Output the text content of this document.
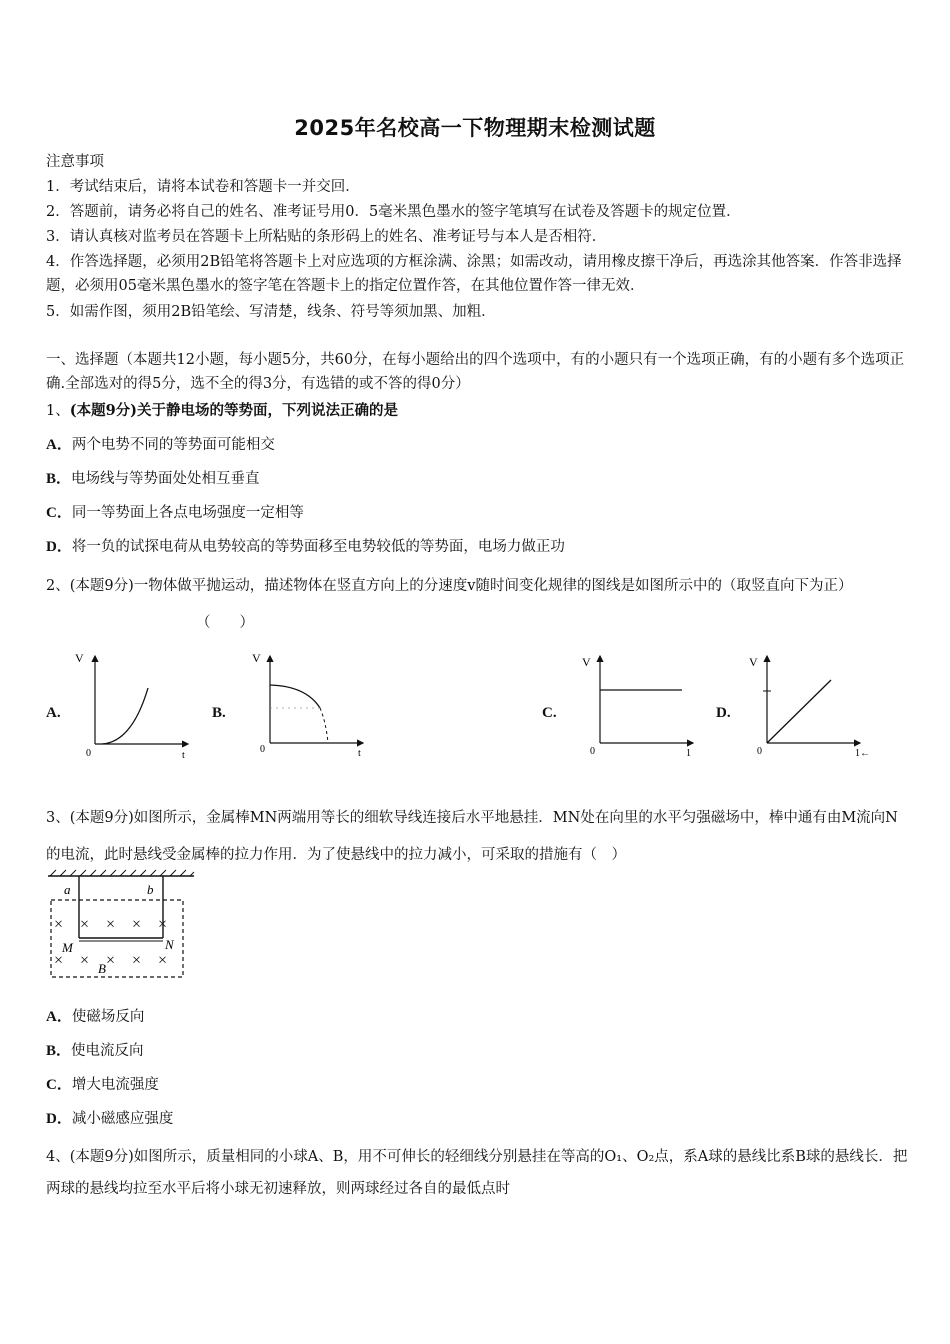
2025年名校高一下物理期末检测试题
注意事项
1．考试结束后，请将本试卷和答题卡一并交回．
2．答题前，请务必将自己的姓名、准考证号用0．5毫米黑色墨水的签字笔填写在试卷及答题卡的规定位置．
3．请认真核对监考员在答题卡上所粘贴的条形码上的姓名、准考证号与本人是否相符．
4．作答选择题，必须用2B铅笔将答题卡上对应选项的方框涂满、涂黑；如需改动，请用橡皮擦干净后，再选涂其他答案．作答非选择题，必须用05毫米黑色墨水的签字笔在答题卡上的指定位置作答，在其他位置作答一律无效．
5．如需作图，须用2B铅笔绘、写清楚，线条、符号等须加黑、加粗．
一、选择题（本题共12小题，每小题5分，共60分，在每小题给出的四个选项中，有的小题只有一个选项正确，有的小题有多个选项正确.全部选对的得5分，选不全的得3分，有选错的或不答的得0分）
1、(本题9分)关于静电场的等势面，下列说法正确的是
A．两个电势不同的等势面可能相交
B．电场线与等势面处处相互垂直
C．同一等势面上各点电场强度一定相等
D．将一负的试探电荷从电势较高的等势面移至电势较低的等势面，电场力做正功
2、(本题9分)一物体做平抛运动，描述物体在竖直方向上的分速度v随时间变化规律的图线是如图所示中的（取竖直向下为正）（　　）
A.	B.	C.	D.
V
0	t
V
0	t
V
0	1
V
0	1←
3、(本题9分)如图所示，金属棒MN两端用等长的细软导线连接后水平地悬挂．MN处在向里的水平匀强磁场中，棒中通有由M流向N的电流，此时悬线受金属棒的拉力作用．为了使悬线中的拉力减小，可采取的措施有（　）
× × × × ×
× × × × ×
a	b
M	N
B
A．使磁场反向
B．使电流反向
C．增大电流强度
D．减小磁感应强度
4、(本题9分)如图所示，质量相同的小球A、B，用不可伸长的轻细线分别悬挂在等高的O₁、O₂点，系A球的悬线比系B球的悬线长．把两球的悬线均拉至水平后将小球无初速释放，则两球经过各自的最低点时
